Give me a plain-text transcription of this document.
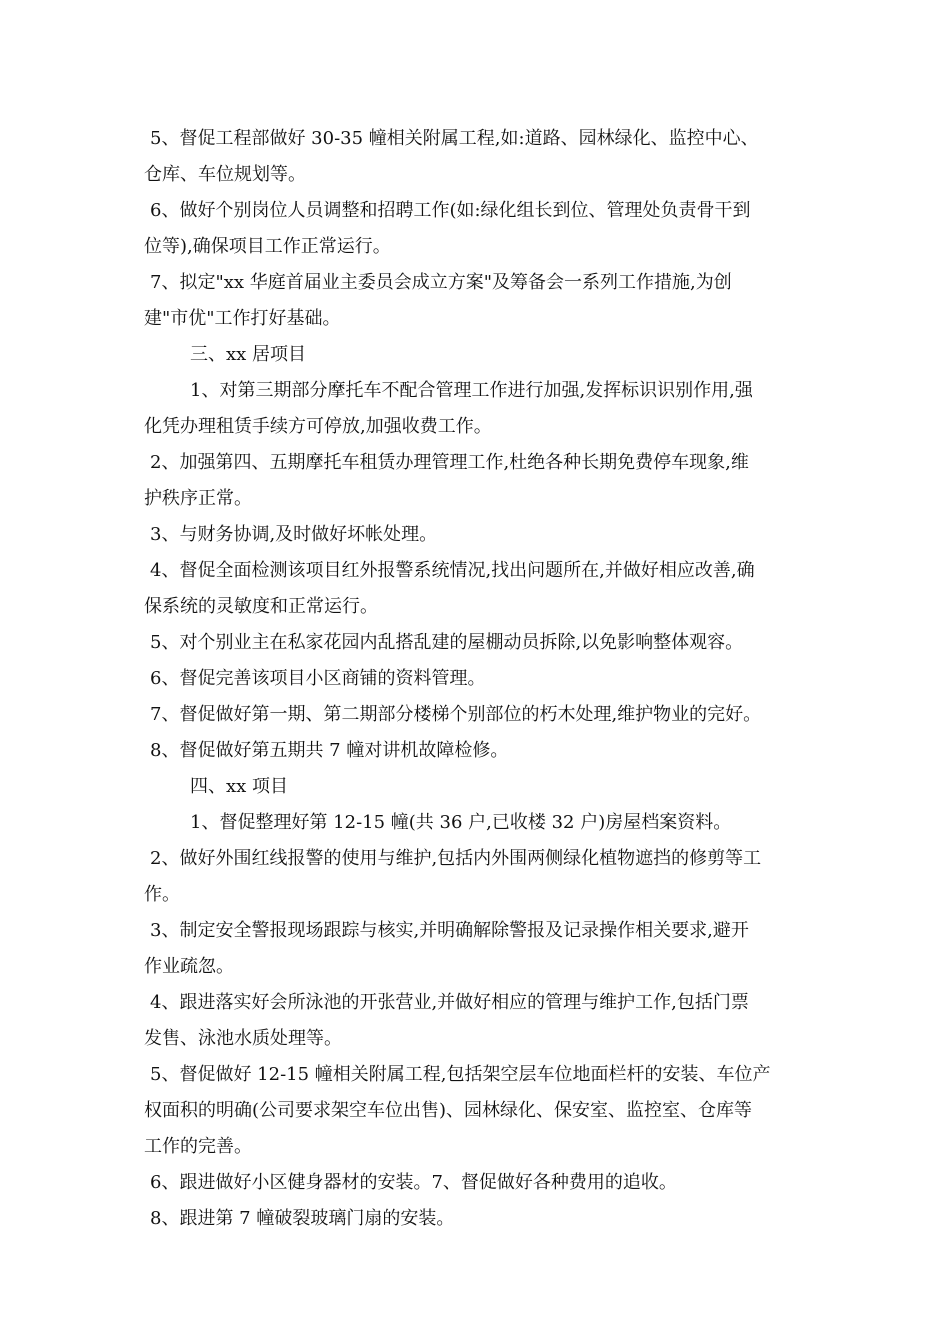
5、督促工程部做好 30-35 幢相关附属工程,如:道路、园林绿化、监控中心、
仓库、车位规划等。
6、做好个别岗位人员调整和招聘工作(如:绿化组长到位、管理处负责骨干到
位等),确保项目工作正常运行。
7、拟定"xx 华庭首届业主委员会成立方案"及筹备会一系列工作措施,为创
建"市优"工作打好基础。
三、xx 居项目
1、对第三期部分摩托车不配合管理工作进行加强,发挥标识识别作用,强
化凭办理租赁手续方可停放,加强收费工作。
2、加强第四、五期摩托车租赁办理管理工作,杜绝各种长期免费停车现象,维
护秩序正常。
3、与财务协调,及时做好坏帐处理。
4、督促全面检测该项目红外报警系统情况,找出问题所在,并做好相应改善,确
保系统的灵敏度和正常运行。
5、对个别业主在私家花园内乱搭乱建的屋棚动员拆除,以免影响整体观容。
6、督促完善该项目小区商铺的资料管理。
7、督促做好第一期、第二期部分楼梯个别部位的朽木处理,维护物业的完好。
8、督促做好第五期共 7 幢对讲机故障检修。
四、xx 项目
1、督促整理好第 12-15 幢(共 36 户,已收楼 32 户)房屋档案资料。
2、做好外围红线报警的使用与维护,包括内外围两侧绿化植物遮挡的修剪等工
作。
3、制定安全警报现场跟踪与核实,并明确解除警报及记录操作相关要求,避开
作业疏忽。
4、跟进落实好会所泳池的开张营业,并做好相应的管理与维护工作,包括门票
发售、泳池水质处理等。
5、督促做好 12-15 幢相关附属工程,包括架空层车位地面栏杆的安装、车位产
权面积的明确(公司要求架空车位出售)、园林绿化、保安室、监控室、仓库等
工作的完善。
6、跟进做好小区健身器材的安装。7、督促做好各种费用的追收。
8、跟进第 7 幢破裂玻璃门扇的安装。
